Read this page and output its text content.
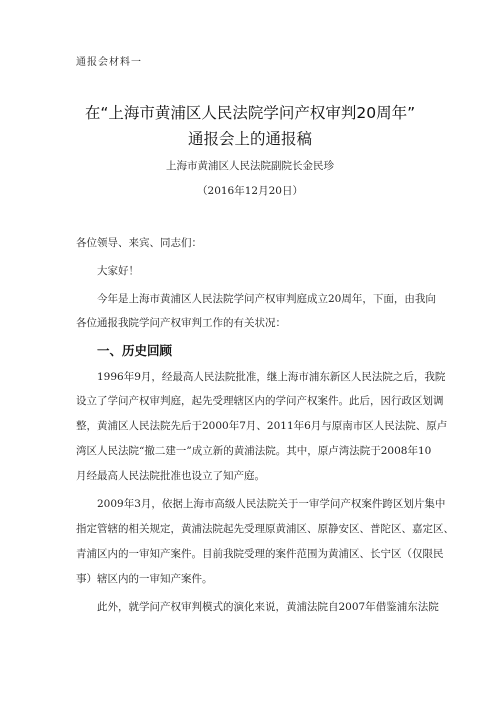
通报会材料一
在“上海市黄浦区人民法院学问产权审判20周年”
通报会上的通报稿
上海市黄浦区人民法院副院长金民珍
（2016年12月20日）
各位领导、来宾、同志们：
大家好！
今年是上海市黄浦区人民法院学问产权审判庭成立20周年，下面，由我向
各位通报我院学问产权审判工作的有关状况：
一、历史回顾
1996年9月，经最高人民法院批准，继上海市浦东新区人民法院之后，我院
设立了学问产权审判庭，起先受理辖区内的学问产权案件。此后，因行政区划调
整，黄浦区人民法院先后于2000年7月、2011年6月与原南市区人民法院、原卢
湾区人民法院“撤二建一”成立新的黄浦法院。其中，原卢湾法院于2008年10
月经最高人民法院批准也设立了知产庭。
2009年3月，依据上海市高级人民法院关于一审学问产权案件跨区划片集中
指定管辖的相关规定，黄浦法院起先受理原黄浦区、原静安区、普陀区、嘉定区、
青浦区内的一审知产案件。目前我院受理的案件范围为黄浦区、长宁区（仅限民
事）辖区内的一审知产案件。
此外，就学问产权审判模式的演化来说，黄浦法院自2007年借鉴浦东法院
